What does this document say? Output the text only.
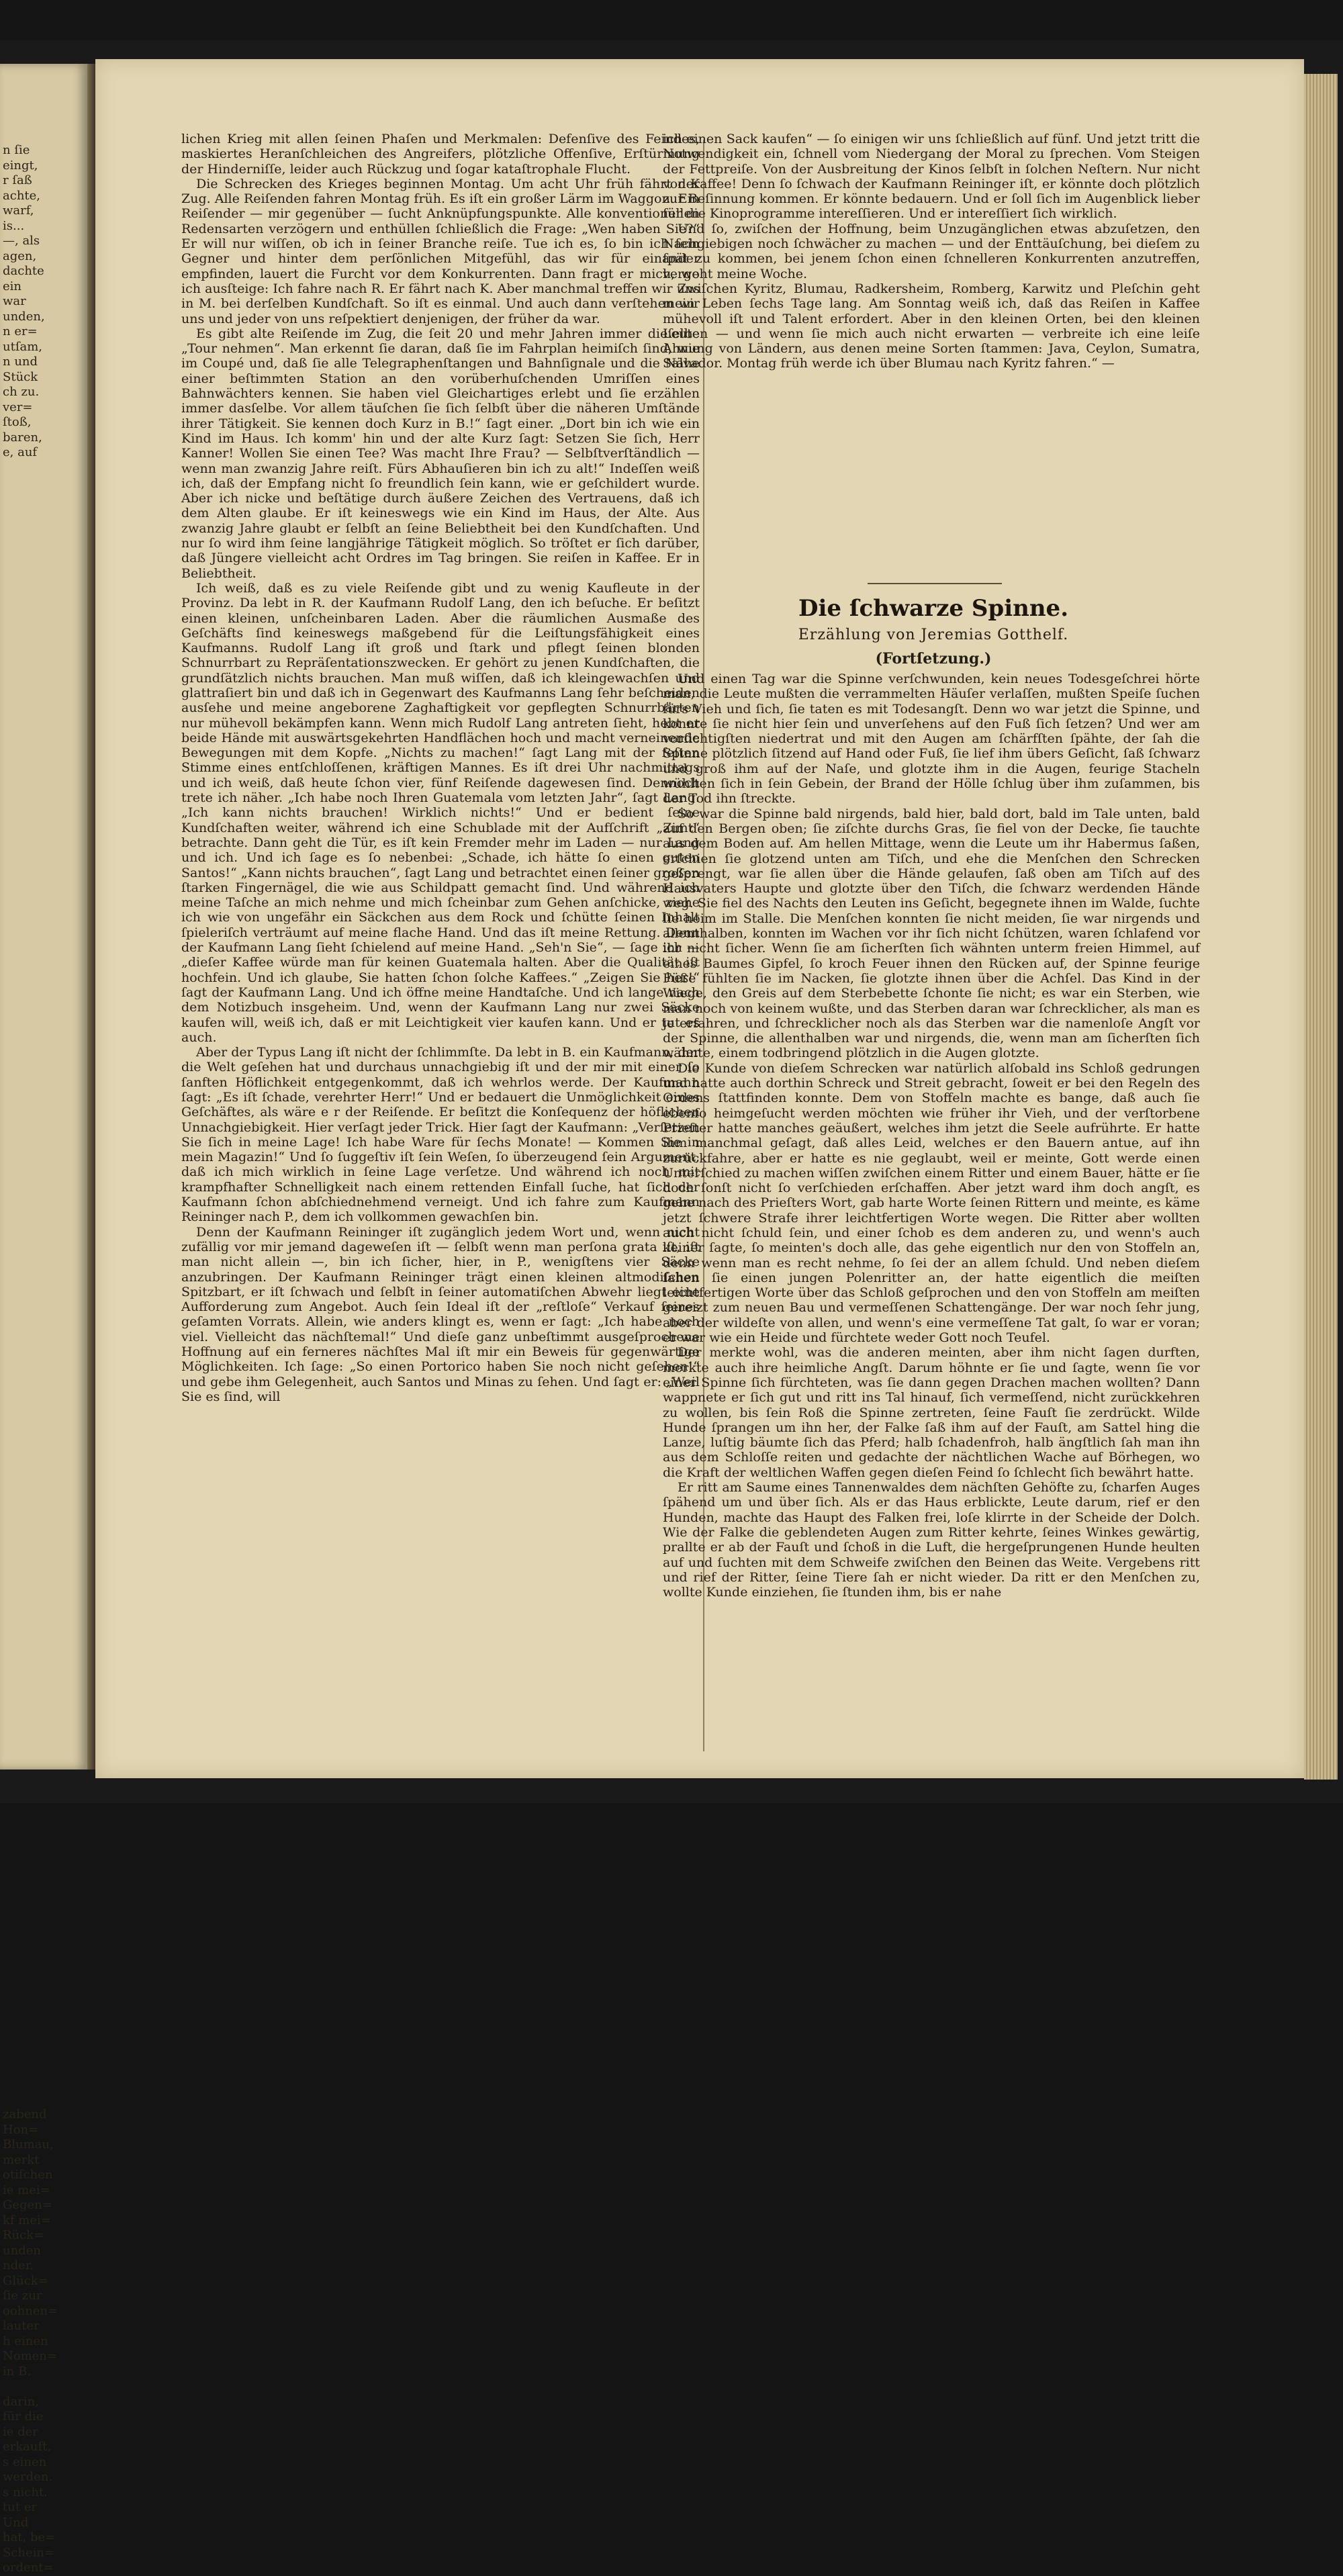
n ſie
eingt,
r ſaß
achte,
warf,
is...
—, als
agen,
dachte
ein
war
unden,
n er=
utſam,
n und
Stück
ch zu.
ver=
ſtoß,
baren,
e, auf

zabend
Hon=
Blumau,
merkt
otiſchen
ie mei=
Gegen=
kf mei=
Rück=
unden
nder.
Glück=
ſie zur
oohnen=
lauter
h einen
Nomen=
in B.

darin,
für die
ie der
erkauft,
s einen
werden.
s nicht.
tut er
Und
hat, be=
Schein=
ordent=

lichen Krieg mit allen ſeinen Phaſen und Merkmalen: Defenſive des Feindes, maskiertes Heranſchleichen des Angreifers, plötzliche Offenſive, Erſtürmung der Hinderniſſe, leider auch Rückzug und ſogar kataſtrophale Flucht.

Die Schrecken des Krieges beginnen Montag. Um acht Uhr früh fährt der Zug. Alle Reiſenden fahren Montag früh. Es iſt ein großer Lärm im Waggon. Ein Reiſender — mir gegenüber — ſucht Anknüpfungspunkte. Alle konventionellen Redensarten verzögern und enthüllen ſchließlich die Frage: „Wen haben Sie?“ Er will nur wiſſen, ob ich in ſeiner Branche reiſe. Tue ich es, ſo bin ich ſein Gegner und hinter dem perſönlichen Mitgefühl, das wir für einander empfinden, lauert die Furcht vor dem Konkurrenten. Dann fragt er mich, wo ich ausſteige: Ich fahre nach R. Er fährt nach K. Aber manchmal treffen wir uns in M. bei derſelben Kundſchaft. So iſt es einmal. Und auch dann verſtehen wir uns und jeder von uns reſpektiert denjenigen, der früher da war.

Es gibt alte Reiſende im Zug, die ſeit 20 und mehr Jahren immer dieſelbe „Tour nehmen“. Man erkennt ſie daran, daß ſie im Fahrplan heimiſch ſind, wie im Coupé und, daß ſie alle Telegraphenſtangen und Bahnſignale und die Nähe einer beſtimmten Station an den vorüberhuſchenden Umriſſen eines Bahnwächters kennen. Sie haben viel Gleichartiges erlebt und ſie erzählen immer dasſelbe. Vor allem täuſchen ſie ſich ſelbſt über die näheren Umſtände ihrer Tätigkeit. Sie kennen doch Kurz in B.!“ ſagt einer. „Dort bin ich wie ein Kind im Haus. Ich komm' hin und der alte Kurz ſagt: Setzen Sie ſich, Herr Kanner! Wollen Sie einen Tee? Was macht Ihre Frau? — Selbſtverſtändlich — wenn man zwanzig Jahre reiſt. Fürs Abhauſieren bin ich zu alt!“ Indeſſen weiß ich, daß der Empfang nicht ſo freundlich ſein kann, wie er geſchildert wurde. Aber ich nicke und beſtätige durch äußere Zeichen des Vertrauens, daß ich dem Alten glaube. Er iſt keineswegs wie ein Kind im Haus, der Alte. Aus zwanzig Jahre glaubt er ſelbſt an ſeine Beliebtheit bei den Kundſchaften. Und nur ſo wird ihm ſeine langjährige Tätigkeit möglich. So tröſtet er ſich darüber, daß Jüngere vielleicht acht Ordres im Tag bringen. Sie reiſen in Kaffee. Er in Beliebtheit.

Ich weiß, daß es zu viele Reiſende gibt und zu wenig Kaufleute in der Provinz. Da lebt in R. der Kaufmann Rudolf Lang, den ich beſuche. Er beſitzt einen kleinen, unſcheinbaren Laden. Aber die räumlichen Ausmaße des Geſchäfts ſind keineswegs maßgebend für die Leiſtungsfähigkeit eines Kaufmanns. Rudolf Lang iſt groß und ſtark und pflegt ſeinen blonden Schnurrbart zu Repräſentationszwecken. Er gehört zu jenen Kundſchaften, die grundſätzlich nichts brauchen. Man muß wiſſen, daß ich kleingewachſen und glattraſiert bin und daß ich in Gegenwart des Kaufmanns Lang ſehr beſcheiden ausſehe und meine angeborene Zaghaftigkeit vor gepflegten Schnurrbärten nur mühevoll bekämpfen kann. Wenn mich Rudolf Lang antreten ſieht, hebt er beide Hände mit auswärtsgekehrten Handflächen hoch und macht verneinende Bewegungen mit dem Kopfe. „Nichts zu machen!“ ſagt Lang mit der feſten Stimme eines entſchloſſenen, kräftigen Mannes. Es iſt drei Uhr nachmittags und ich weiß, daß heute ſchon vier, fünf Reiſende dagewesen ſind. Dennoch trete ich näher. „Ich habe noch Ihren Guatemala vom letzten Jahr“, ſagt Lang. „Ich kann nichts brauchen! Wirklich nichts!“ Und er bedient ſeine Kundſchaften weiter, während ich eine Schublade mit der Aufſchrift „Zimt“ betrachte. Dann geht die Tür, es iſt kein Fremder mehr im Laden — nur Lang und ich. Und ich ſage es ſo nebenbei: „Schade, ich hätte ſo einen guten Santos!“ „Kann nichts brauchen“, ſagt Lang und betrachtet einen ſeiner großen ſtarken Fingernägel, die wie aus Schildpatt gemacht ſind. Und während ich meine Taſche an mich nehme und mich ſcheinbar zum Gehen anſchicke, ziehe ich wie von ungefähr ein Säckchen aus dem Rock und ſchütte ſeinen Inhalt ſpieleriſch verträumt auf meine flache Hand. Und das iſt meine Rettung. Denn der Kaufmann Lang ſieht ſchielend auf meine Hand. „Seh'n Sie“, — ſage ich — „dieſer Kaffee würde man für keinen Guatemala halten. Aber die Qualität iſt hochfein. Und ich glaube, Sie hatten ſchon ſolche Kaffees.“ „Zeigen Sie her!“ ſagt der Kaufmann Lang. Und ich öffne meine Handtaſche. Und ich lange nach dem Notizbuch insgeheim. Und, wenn der Kaufmann Lang nur zwei Säcke kaufen will, weiß ich, daß er mit Leichtigkeit vier kaufen kann. Und er tut es auch.

Aber der Typus Lang iſt nicht der ſchlimmſte. Da lebt in B. ein Kaufmann, der die Welt geſehen hat und durchaus unnachgiebig iſt und der mir mit einer ſo ſanften Höflichkeit entgegenkommt, daß ich wehrlos werde. Der Kaufmann ſagt: „Es iſt ſchade, verehrter Herr!“ Und er bedauert die Unmöglichkeit eines Geſchäftes, als wäre e r der Reiſende. Er beſitzt die Konſequenz der höflichen Unnachgiebigkeit. Hier verſagt jeder Trick. Hier ſagt der Kaufmann: „Verſetzen Sie ſich in meine Lage! Ich habe Ware für ſechs Monate! — Kommen Sie in mein Magazin!“ Und ſo ſuggeſtiv iſt ſein Weſen, ſo überzeugend ſein Argument, daß ich mich wirklich in ſeine Lage verſetze. Und während ich noch mit krampfhafter Schnelligkeit nach einem rettenden Einfall ſuche, hat ſich der Kaufmann ſchon abſchiednehmend verneigt. Und ich fahre zum Kaufmann Reininger nach P., dem ich vollkommen gewachſen bin.

Denn der Kaufmann Reininger iſt zugänglich jedem Wort und, wenn nicht zufällig vor mir jemand dageweſen iſt — ſelbſt wenn man perſona grata iſt, iſt man nicht allein —, bin ich ſicher, hier, in P., wenigſtens vier Säcke anzubringen. Der Kaufmann Reininger trägt einen kleinen altmodiſchen Spitzbart, er iſt ſchwach und ſelbſt in ſeiner automatiſchen Abwehr liegt eine Aufforderung zum Angebot. Auch ſein Ideal iſt der „reſtloſe“ Verkauf ſeines geſamten Vorrats. Allein, wie anders klingt es, wenn er ſagt: „Ich habe noch viel. Vielleicht das nächſtemal!“ Und dieſe ganz unbeſtimmt ausgeſprochene Hoffnung auf ein ferneres nächſtes Mal iſt mir ein Beweis für gegenwärtige Möglichkeiten. Ich ſage: „So einen Portorico haben Sie noch nicht geſehen!“ und gebe ihm Gelegenheit, auch Santos und Minas zu ſehen. Und ſagt er: „Weil Sie es ſind, will

ich einen Sack kaufen“ — ſo einigen wir uns ſchließlich auf fünf. Und jetzt tritt die Notwendigkeit ein, ſchnell vom Niedergang der Moral zu ſprechen. Vom Steigen der Fettpreiſe. Von der Ausbreitung der Kinos ſelbſt in ſolchen Neſtern. Nur nicht von Kaffee! Denn ſo ſchwach der Kaufmann Reininger iſt, er könnte doch plötzlich zur Beſinnung kommen. Er könnte bedauern. Und er ſoll ſich im Augenblick lieber für die Kinoprogramme intereſſieren. Und er intereſſiert ſich wirklich.

Und ſo, zwiſchen der Hoffnung, beim Unzugänglichen etwas abzuſetzen, den Nachgiebigen noch ſchwächer zu machen — und der Enttäuſchung, bei dieſem zu ſpät zu kommen, bei jenem ſchon einen ſchnelleren Konkurrenten anzutreffen, vergeht meine Woche.

Zwiſchen Kyritz, Blumau, Radkersheim, Romberg, Karwitz und Pleſchin geht mein Leben ſechs Tage lang. Am Sonntag weiß ich, daß das Reiſen in Kaffee mühevoll iſt und Talent erfordert. Aber in den kleinen Orten, bei den kleinen Leuten — und wenn ſie mich auch nicht erwarten — verbreite ich eine leiſe Ahnung von Ländern, aus denen meine Sorten ſtammen: Java, Ceylon, Sumatra, Salvador. Montag früh werde ich über Blumau nach Kyritz fahren.“ —

Die ſchwarze Spinne.
Erzählung von Jeremias Gotthelf.
(Fortſetzung.)

Und einen Tag war die Spinne verſchwunden, kein neues Todesgeſchrei hörte man, die Leute mußten die verrammelten Häuſer verlaſſen, mußten Speiſe ſuchen fürs Vieh und ſich, ſie taten es mit Todesangſt. Denn wo war jetzt die Spinne, und konnte ſie nicht hier ſein und unverſehens auf den Fuß ſich ſetzen? Und wer am vorſichtigſten niedertrat und mit den Augen am ſchärfſten ſpähte, der ſah die Spinne plötzlich ſitzend auf Hand oder Fuß, ſie lief ihm übers Geſicht, ſaß ſchwarz und groß ihm auf der Naſe, und glotzte ihm in die Augen, feurige Stacheln wühlten ſich in ſein Gebein, der Brand der Hölle ſchlug über ihm zuſammen, bis der Tod ihn ſtreckte.

So war die Spinne bald nirgends, bald hier, bald dort, bald im Tale unten, bald auf den Bergen oben; ſie ziſchte durchs Gras, ſie fiel von der Decke, ſie tauchte aus dem Boden auf. Am hellen Mittage, wenn die Leute um ihr Habermus ſaßen, erſchien ſie glotzend unten am Tiſch, und ehe die Menſchen den Schrecken geſprengt, war ſie allen über die Hände gelaufen, ſaß oben am Tiſch auf des Hausvaters Haupte und glotzte über den Tiſch, die ſchwarz werdenden Hände weg. Sie fiel des Nachts den Leuten ins Geſicht, begegnete ihnen im Walde, ſuchte ſie heim im Stalle. Die Menſchen konnten ſie nicht meiden, ſie war nirgends und allenthalben, konnten im Wachen vor ihr ſich nicht ſchützen, waren ſchlafend vor ihr nicht ſicher. Wenn ſie am ſicherſten ſich wähnten unterm freien Himmel, auf eines Baumes Gipfel, ſo kroch Feuer ihnen den Rücken auf, der Spinne feurige Füße fühlten ſie im Nacken, ſie glotzte ihnen über die Achſel. Das Kind in der Wiege, den Greis auf dem Sterbebette ſchonte ſie nicht; es war ein Sterben, wie man noch von keinem wußte, und das Sterben daran war ſchrecklicher, als man es je erfahren, und ſchrecklicher noch als das Sterben war die namenloſe Angſt vor der Spinne, die allenthalben war und nirgends, die, wenn man am ſicherſten ſich wähnte, einem todbringend plötzlich in die Augen glotzte.

Die Kunde von dieſem Schrecken war natürlich alſobald ins Schloß gedrungen und hatte auch dorthin Schreck und Streit gebracht, ſoweit er bei den Regeln des Ordens ſtattfinden konnte. Dem von Stoffeln machte es bange, daß auch ſie ebenſo heimgeſucht werden möchten wie früher ihr Vieh, und der verſtorbene Prieſter hatte manches geäußert, welches ihm jetzt die Seele aufrührte. Er hatte ihm manchmal geſagt, daß alles Leid, welches er den Bauern antue, auf ihn zurückfahre, aber er hatte es nie geglaubt, weil er meinte, Gott werde einen Unterſchied zu machen wiſſen zwiſchen einem Ritter und einem Bauer, hätte er ſie doch ſonſt nicht ſo verſchieden erſchaffen. Aber jetzt ward ihm doch angſt, es gehe nach des Prieſters Wort, gab harte Worte ſeinen Rittern und meinte, es käme jetzt ſchwere Strafe ihrer leichtfertigen Worte wegen. Die Ritter aber wollten auch nicht ſchuld ſein, und einer ſchob es dem anderen zu, und wenn's auch keiner ſagte, ſo meinten's doch alle, das gehe eigentlich nur den von Stoffeln an, denn wenn man es recht nehme, ſo ſei der an allem ſchuld. Und neben dieſem ſahen ſie einen jungen Polenritter an, der hatte eigentlich die meiſten leichtfertigen Worte über das Schloß geſprochen und den von Stoffeln am meiſten gereizt zum neuen Bau und vermeſſenen Schattengänge. Der war noch ſehr jung, aber der wildeſte von allen, und wenn's eine vermeſſene Tat galt, ſo war er voran; er war wie ein Heide und fürchtete weder Gott noch Teufel.

Der merkte wohl, was die anderen meinten, aber ihm nicht ſagen durften, merkte auch ihre heimliche Angſt. Darum höhnte er ſie und ſagte, wenn ſie vor einer Spinne ſich fürchteten, was ſie dann gegen Drachen machen wollten? Dann wappnete er ſich gut und ritt ins Tal hinauf, ſich vermeſſend, nicht zurückkehren zu wollen, bis ſein Roß die Spinne zertreten, ſeine Fauſt ſie zerdrückt. Wilde Hunde ſprangen um ihn her, der Falke ſaß ihm auf der Fauſt, am Sattel hing die Lanze, luſtig bäumte ſich das Pferd; halb ſchadenfroh, halb ängſtlich ſah man ihn aus dem Schloſſe reiten und gedachte der nächtlichen Wache auf Börhegen, wo die Kraft der weltlichen Waffen gegen dieſen Feind ſo ſchlecht ſich bewährt hatte.

Er ritt am Saume eines Tannenwaldes dem nächſten Gehöfte zu, ſcharfen Auges ſpähend um und über ſich. Als er das Haus erblickte, Leute darum, rief er den Hunden, machte das Haupt des Falken frei, loſe klirrte in der Scheide der Dolch. Wie der Falke die geblendeten Augen zum Ritter kehrte, ſeines Winkes gewärtig, prallte er ab der Fauſt und ſchoß in die Luft, die hergeſprungenen Hunde heulten auf und ſuchten mit dem Schweife zwiſchen den Beinen das Weite. Vergebens ritt und rief der Ritter, ſeine Tiere ſah er nicht wieder. Da ritt er den Menſchen zu, wollte Kunde einziehen, ſie ſtunden ihm, bis er nahe
